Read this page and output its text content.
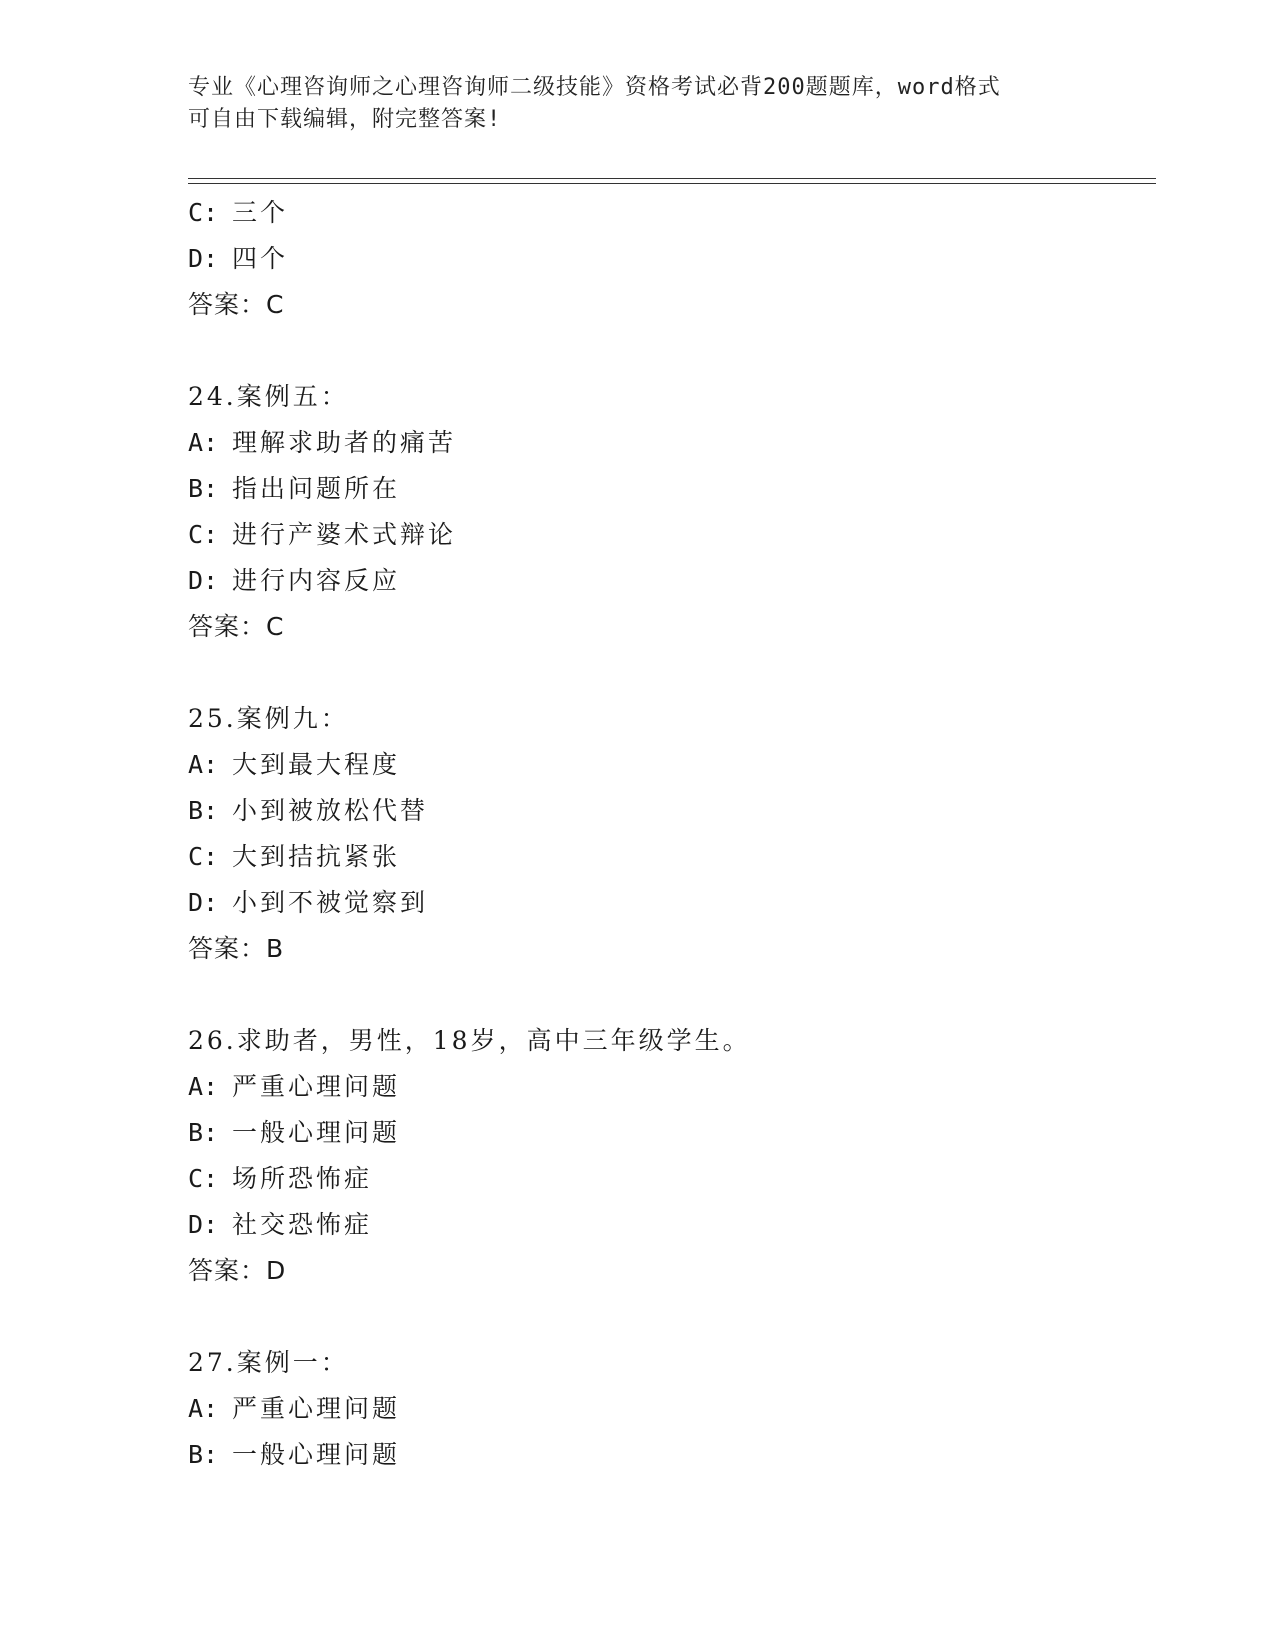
专业《心理咨询师之心理咨询师二级技能》资格考试必背200题题库，word格式
可自由下载编辑，附完整答案!
C: 三个
D: 四个
答案：C
24.案例五：
A: 理解求助者的痛苦
B: 指出问题所在
C: 进行产婆术式辩论
D: 进行内容反应
答案：C
25.案例九：
A: 大到最大程度
B: 小到被放松代替
C: 大到拮抗紧张
D: 小到不被觉察到
答案：B
26.求助者，男性，18岁，高中三年级学生。
A: 严重心理问题
B: 一般心理问题
C: 场所恐怖症
D: 社交恐怖症
答案：D
27.案例一：
A: 严重心理问题
B: 一般心理问题
